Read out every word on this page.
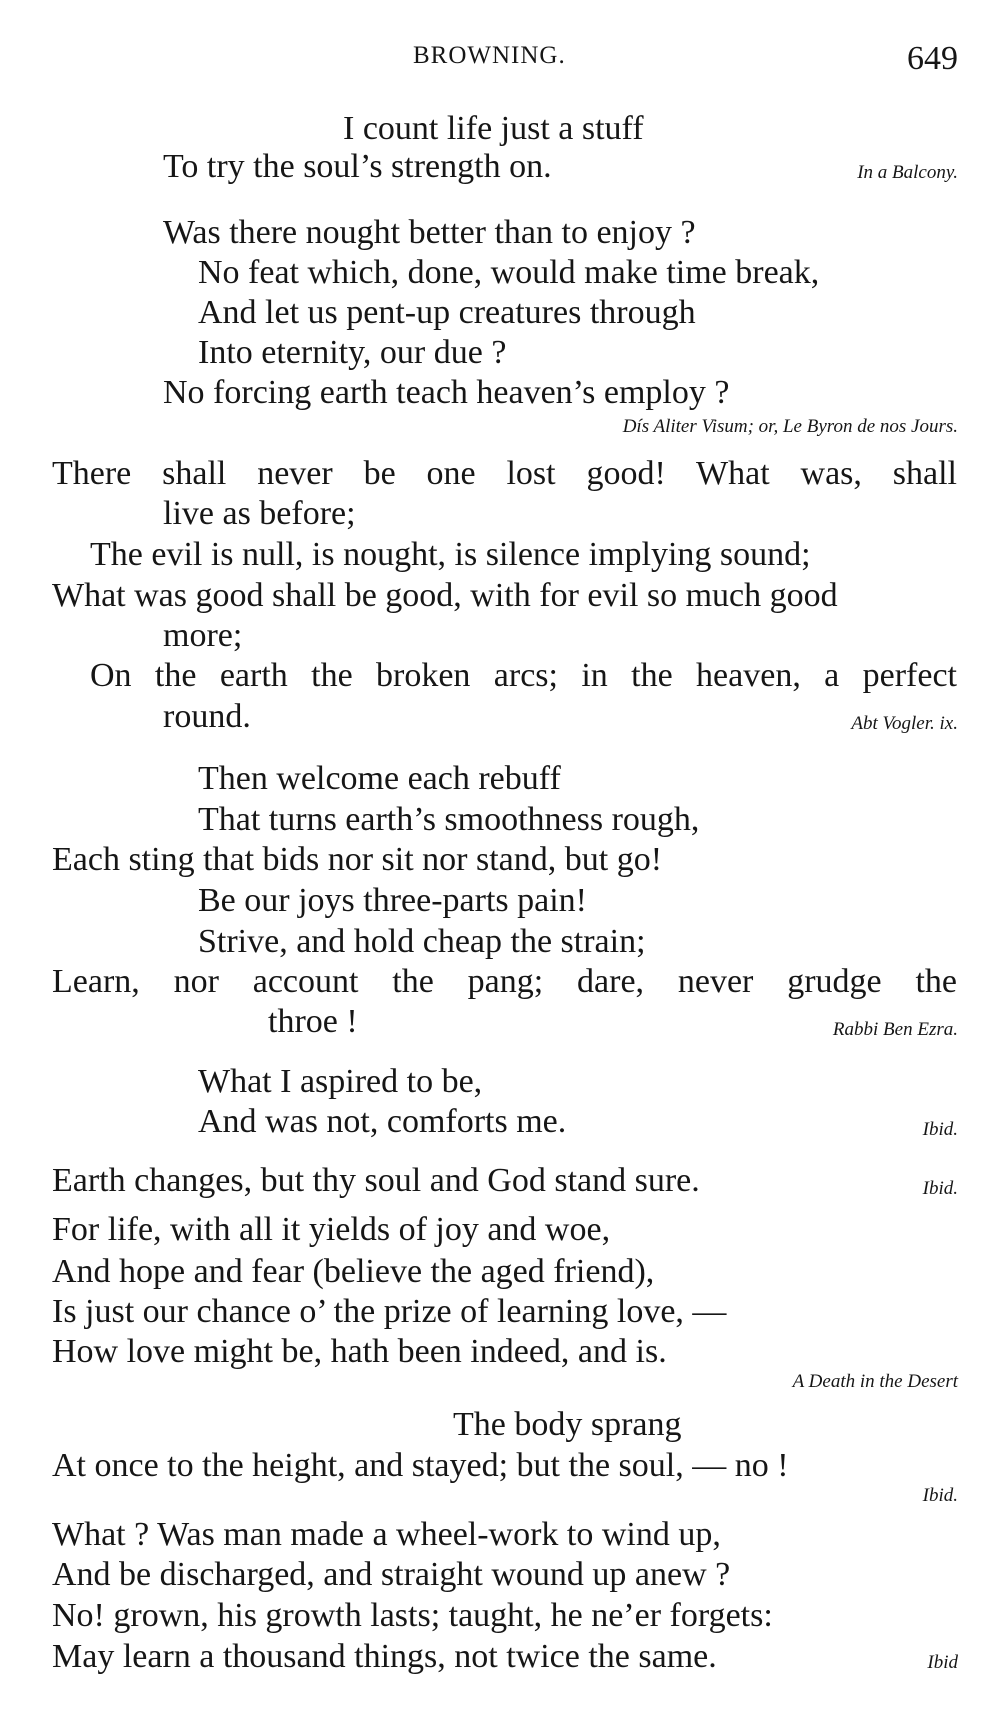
BROWNING.	649
I count life just a stuff
To try the soul’s strength on.	In a Balcony.
Was there nought better than to enjoy ?
No feat which, done, would make time break,
And let us pent-up creatures through
Into eternity, our due ?
No forcing earth teach heaven’s employ ?
Dís Aliter Visum; or, Le Byron de nos Jours.
There shall never be one lost good! What was, shall
live as before;
The evil is null, is nought, is silence implying sound;
What was good shall be good, with for evil so much good
more;
On the earth the broken arcs; in the heaven, a perfect
round.	Abt Vogler. ix.
Then welcome each rebuff
That turns earth’s smoothness rough,
Each sting that bids nor sit nor stand, but go!
Be our joys three-parts pain!
Strive, and hold cheap the strain;
Learn, nor account the pang; dare, never grudge the
throe !	Rabbi Ben Ezra.
What I aspired to be,
And was not, comforts me.	Ibid.
Earth changes, but thy soul and God stand sure.	Ibid.
For life, with all it yields of joy and woe,
And hope and fear (believe the aged friend),
Is just our chance o’ the prize of learning love, —
How love might be, hath been indeed, and is.
A Death in the Desert
The body sprang
At once to the height, and stayed; but the soul, — no !
Ibid.
What ? Was man made a wheel-work to wind up,
And be discharged, and straight wound up anew ?
No! grown, his growth lasts; taught, he ne’er forgets:
May learn a thousand things, not twice the same.	Ibid
